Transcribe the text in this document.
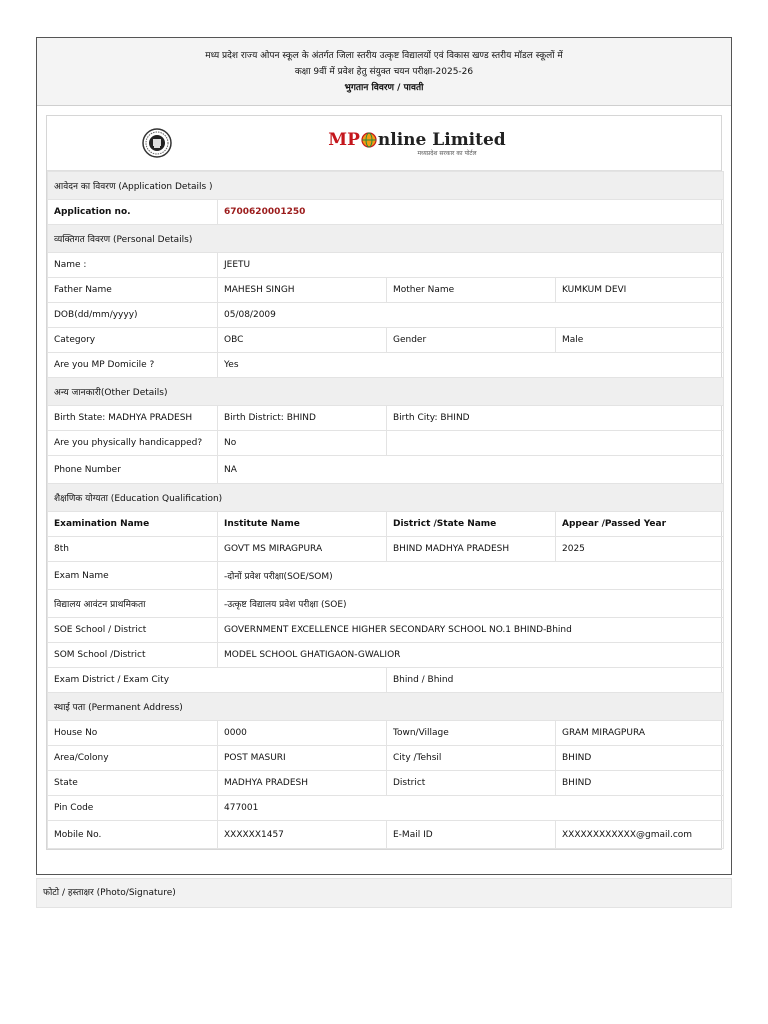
मध्य प्रदेश राज्य ओपन स्कूल के अंतर्गत जिला स्तरीय उत्कृष्ट विद्यालयों एवं विकास खण्ड स्तरीय मॉडल स्कूलों में
कक्षा 9वीं में प्रवेश हेतु संयुक्त चयन परीक्षा-2025-26
भुगतान विवरण / पावती
MP nline Limited
मध्यप्रदेश सरकार का पोर्टल
आवेदन का विवरण (Application Details )			
Application no.	6700620001250		
व्यक्तिगत विवरण (Personal Details)			
Name :	JEETU		
Father Name	MAHESH SINGH	Mother Name	KUMKUM DEVI
DOB(dd/mm/yyyy)	05/08/2009		
Category	OBC	Gender	Male
Are you MP Domicile ?	Yes		
अन्य जानकारी(Other Details)			
Birth State: MADHYA PRADESH	Birth District: BHIND	Birth City: BHIND	
Are you physically handicapped?	No		
Phone Number	NA		
शैक्षणिक योग्यता (Education Qualification)			
Examination Name	Institute Name	District /State Name	Appear /Passed Year
8th	GOVT MS MIRAGPURA	BHIND MADHYA PRADESH	2025
Exam Name	-दोनों प्रवेश परीक्षा(SOE/SOM)		
विद्यालय आवंटन प्राथमिकता	-उत्कृष्ट विद्यालय प्रवेश परीक्षा (SOE)		
SOE School / District	GOVERNMENT EXCELLENCE HIGHER SECONDARY SCHOOL NO.1 BHIND-Bhind		
SOM School /District	MODEL SCHOOL GHATIGAON-GWALIOR		
Exam District / Exam City		Bhind / Bhind	
स्थाई पता (Permanent Address)			
House No	0000	Town/Village	GRAM MIRAGPURA
Area/Colony	POST MASURI	City /Tehsil	BHIND
State	MADHYA PRADESH	District	BHIND
Pin Code	477001		
Mobile No.	XXXXXX1457	E-Mail ID	XXXXXXXXXXXX@gmail.com
फोटो / हस्ताक्षर (Photo/Signature)
